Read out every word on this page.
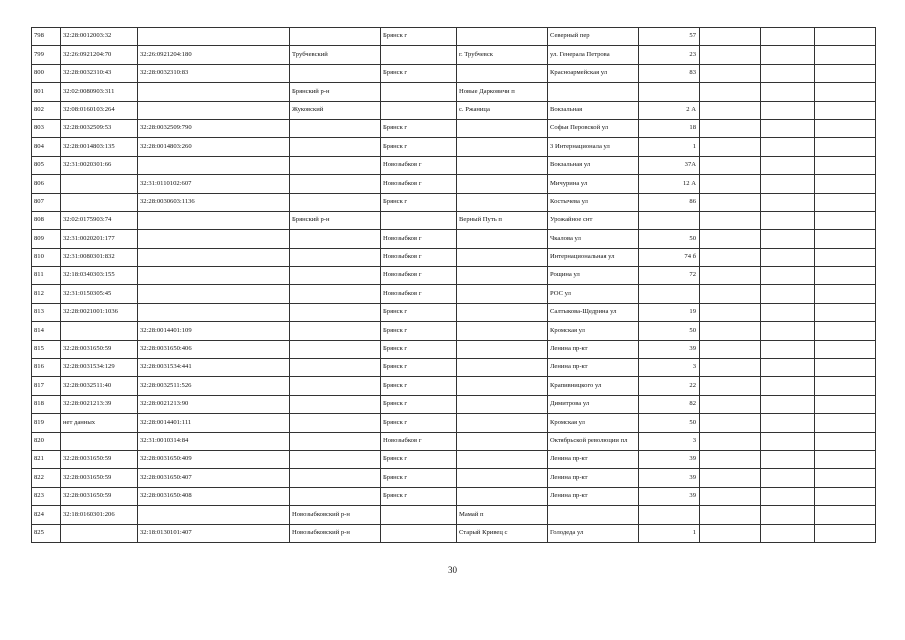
798	32:28:0012003:32			Брянск г		Северный пер	57			
799	32:26:0921204:70	32:26:0921204:180	Трубчевский		г. Трубчевск	ул. Генерала Петрова	23			
800	32:28:0032310:43	32:28:0032310:83		Брянск г		Красноармейская ул	83			
801	32:02:0080903:311		Брянский р-н		Новые Дарковичи п					
802	32:08:0160103:264		Жуковский		с. Ржаница	Вокзальная	2 А			
803	32:28:0032509:53	32:28:0032509:790		Брянск г		Софьи Перовской ул	18			
804	32:28:0014803:135	32:28:0014803:260		Брянск г		3 Интернационала ул	1			
805	32:31:0020301:66			Новозыбков г		Вокзальная ул	37А			
806		32:31:0110102:607		Новозыбков г		Мичурина ул	12 А			
807		32:28:0030603:1136		Брянск г		Костычева ул	86			
808	32:02:0175903:74		Брянский р-н		Верный Путь п	Урожайное снт				
809	32:31:0020201:177			Новозыбков г		Чкалова ул	50			
810	32:31:0080301:832			Новозыбков г		Интернациональная ул	74 б			
811	32:18:0340303:155			Новозыбков г		Рощина ул	72			
812	32:31:0150305:45			Новозыбков г		РОС ул				
813	32:28:0021001:1036			Брянск г		Салтыкова-Щедрина ул	19			
814		32:28:0014401:109		Брянск г		Кромская ул	50			
815	32:28:0031650:59	32:28:0031650:406		Брянск г		Ленина пр-кт	39			
816	32:28:0031534:129	32:28:0031534:441		Брянск г		Ленина пр-кт	3			
817	32:28:0032511:40	32:28:0032511:526		Брянск г		Крапивницкого ул	22			
818	32:28:0021213:39	32:28:0021213:90		Брянск г		Димитрова ул	82			
819	нет данных	32:28:0014401:111		Брянск г		Кромская ул	50			
820		32:31:0010314:84		Новозыбков г		Октябрьской революции пл	3			
821	32:28:0031650:59	32:28:0031650:409		Брянск г		Ленина пр-кт	39			
822	32:28:0031650:59	32:28:0031650:407		Брянск г		Ленина пр-кт	39			
823	32:28:0031650:59	32:28:0031650:408		Брянск г		Ленина пр-кт	39			
824	32:18:0160301:206		Новозыбковский р-н		Мамай п					
825		32:18:0130101:407	Новозыбковский р-н		Старый Кривец с	Голодеда ул	1			
30
